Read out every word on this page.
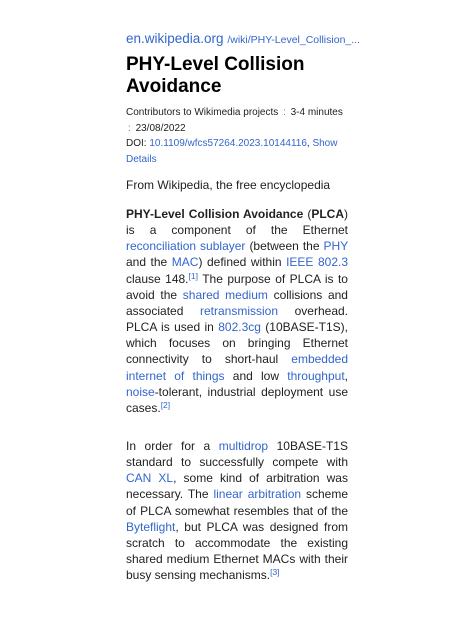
en.wikipedia.org /wiki/PHY-Level_Collision_...
PHY-Level Collision Avoidance
Contributors to Wikimedia projects : 3-4 minutes : 23/08/2022
DOI: 10.1109/wfcs57264.2023.10144116, Show Details
From Wikipedia, the free encyclopedia
PHY-Level Collision Avoidance (PLCA) is a component of the Ethernet reconciliation sublayer (between the PHY and the MAC) defined within IEEE 802.3 clause 148.[1] The purpose of PLCA is to avoid the shared medium collisions and associated retransmission overhead. PLCA is used in 802.3cg (10BASE-T1S), which focuses on bringing Ethernet connectivity to short-haul embedded internet of things and low throughput, noise-tolerant, industrial deployment use cases.[2]
In order for a multidrop 10BASE-T1S standard to successfully compete with CAN XL, some kind of arbitration was necessary. The linear arbitration scheme of PLCA somewhat resembles that of the Byteflight, but PLCA was designed from scratch to accommodate the existing shared medium Ethernet MACs with their busy sensing mechanisms.[3]
